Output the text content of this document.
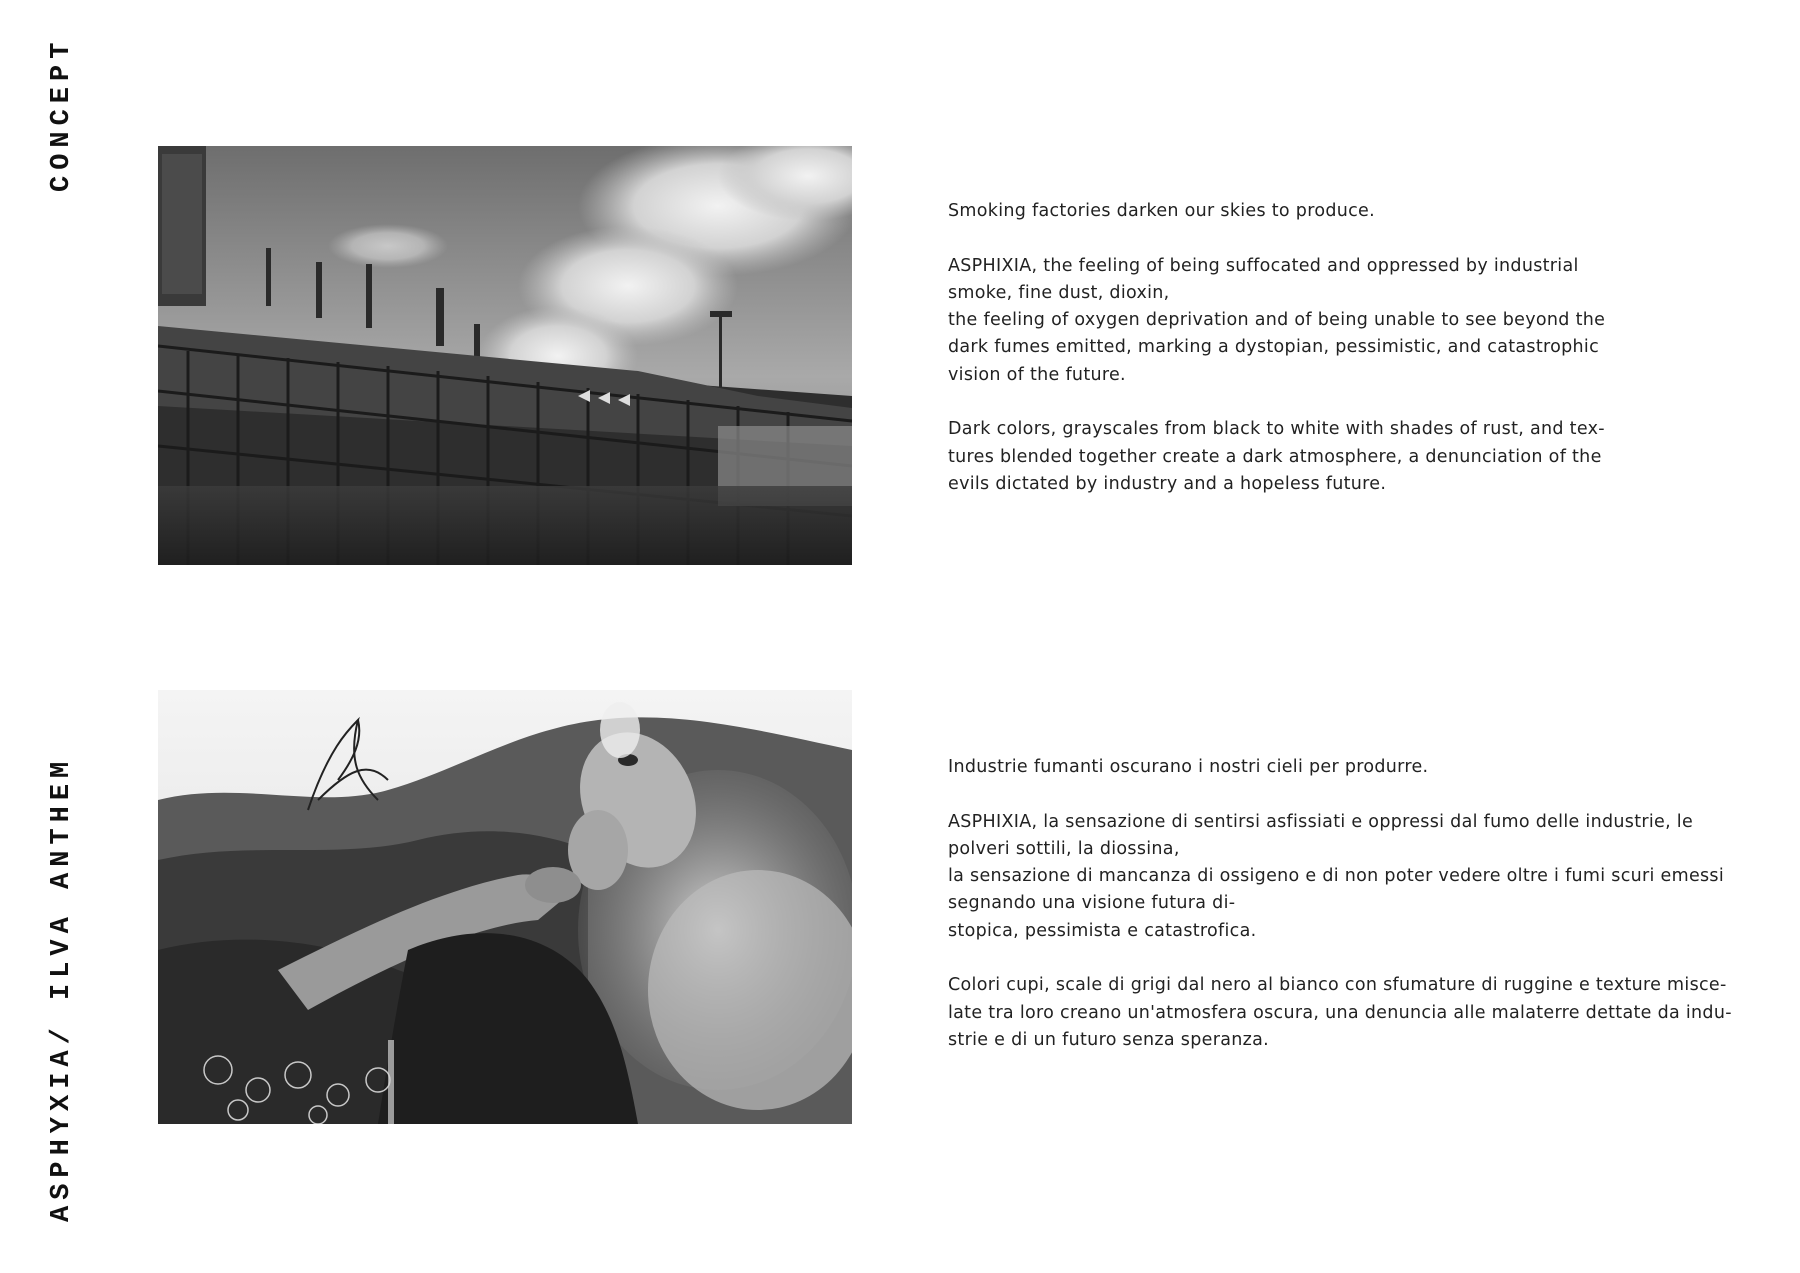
CONCEPT
ASPHYXIA/ ILVA ANTHEM

Smoking factories darken our skies to produce.

ASPHIXIA, the feeling of being suffocated and oppressed by industrial
smoke, fine dust, dioxin,
the feeling of oxygen deprivation and of being unable to see beyond the
dark fumes emitted, marking a dystopian, pessimistic, and catastrophic
vision of the future.

Dark colors, grayscales from black to white with shades of rust, and tex-
tures blended together create a dark atmosphere, a denunciation of the
evils dictated by industry and a hopeless future.

Industrie fumanti oscurano i nostri cieli per produrre.

ASPHIXIA, la sensazione di sentirsi asfissiati e oppressi dal fumo delle industrie, le
polveri sottili, la diossina,
la sensazione di mancanza di ossigeno e di non poter vedere oltre i fumi scuri emessi
segnando una visione futura di-
stopica, pessimista e catastrofica.

Colori cupi, scale di grigi dal nero al bianco con sfumature di ruggine e texture misce-
late tra loro creano un'atmosfera oscura, una denuncia alle malaterre dettate da indu-
strie e di un futuro senza speranza.
